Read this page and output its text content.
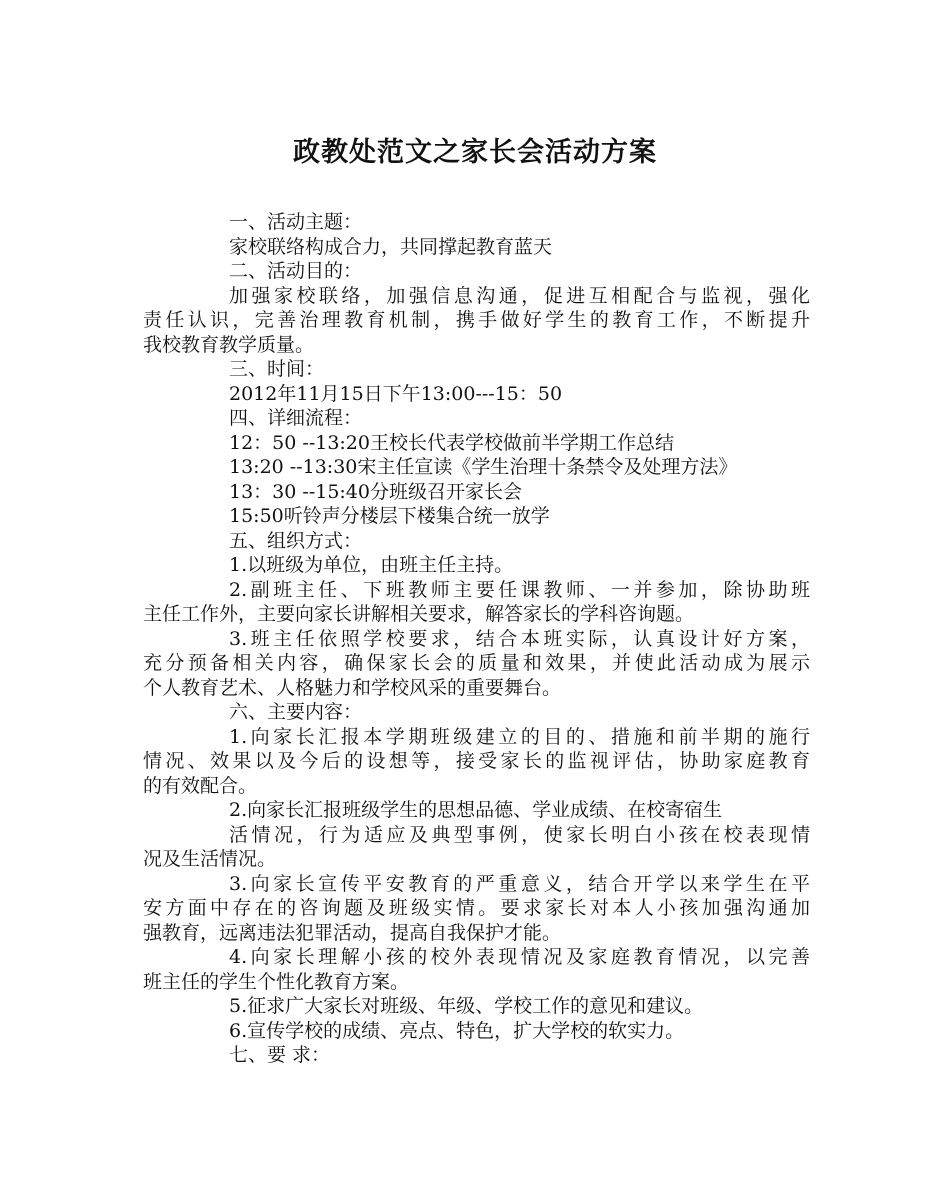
政教处范文之家长会活动方案
一、活动主题：
家校联络构成合力，共同撑起教育蓝天
二、活动目的：
加强家校联络，加强信息沟通，促进互相配合与监视，强化
责任认识，完善治理教育机制，携手做好学生的教育工作，不断提升
我校教育教学质量。
三、时间：
2012年11月15日下午13:00---15：50
四、详细流程：
12：50 --13:20王校长代表学校做前半学期工作总结
13:20 --13:30宋主任宣读《学生治理十条禁令及处理方法》
13：30 --15:40分班级召开家长会
15:50听铃声分楼层下楼集合统一放学
五、组织方式：
1.以班级为单位，由班主任主持。
2.副班主任、下班教师主要任课教师、一并参加，除协助班
主任工作外，主要向家长讲解相关要求，解答家长的学科咨询题。
3.班主任依照学校要求，结合本班实际，认真设计好方案，
充分预备相关内容，确保家长会的质量和效果，并使此活动成为展示
个人教育艺术、人格魅力和学校风采的重要舞台。
六、主要内容：
1.向家长汇报本学期班级建立的目的、措施和前半期的施行
情况、效果以及今后的设想等，接受家长的监视评估，协助家庭教育
的有效配合。
2.向家长汇报班级学生的思想品德、学业成绩、在校寄宿生
活情况，行为适应及典型事例，使家长明白小孩在校表现情
况及生活情况。
3.向家长宣传平安教育的严重意义，结合开学以来学生在平
安方面中存在的咨询题及班级实情。要求家长对本人小孩加强沟通加
强教育，远离违法犯罪活动，提高自我保护才能。
4.向家长理解小孩的校外表现情况及家庭教育情况，以完善
班主任的学生个性化教育方案。
5.征求广大家长对班级、年级、学校工作的意见和建议。
6.宣传学校的成绩、亮点、特色，扩大学校的软实力。
七、要 求：
